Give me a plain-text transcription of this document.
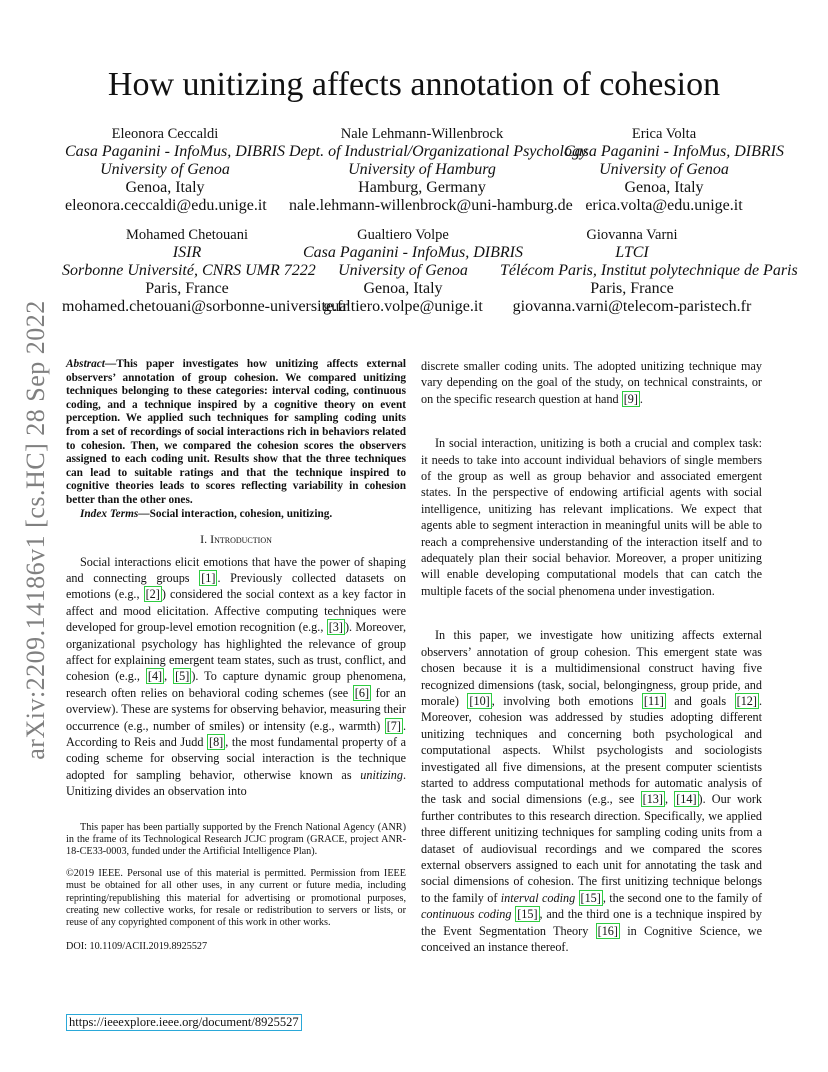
arXiv:2209.14186v1 [cs.HC] 28 Sep 2022
How unitizing affects annotation of cohesion
Eleonora Ceccaldi
Casa Paganini - InfoMus, DIBRIS
University of Genoa
Genoa, Italy
eleonora.ceccaldi@edu.unige.it
Nale Lehmann-Willenbrock
Dept. of Industrial/Organizational Psychology
University of Hamburg
Hamburg, Germany
nale.lehmann-willenbrock@uni-hamburg.de
Erica Volta
Casa Paganini - InfoMus, DIBRIS
University of Genoa
Genoa, Italy
erica.volta@edu.unige.it
Mohamed Chetouani
ISIR
Sorbonne Université, CNRS UMR 7222
Paris, France
mohamed.chetouani@sorbonne-universite.fr
Gualtiero Volpe
Casa Paganini - InfoMus, DIBRIS
University of Genoa
Genoa, Italy
gualtiero.volpe@unige.it
Giovanna Varni
LTCI
Télécom Paris, Institut polytechnique de Paris
Paris, France
giovanna.varni@telecom-paristech.fr

Abstract—This paper investigates how unitizing affects external observers’ annotation of group cohesion. We compared unitizing techniques belonging to these categories: interval coding, continuous coding, and a technique inspired by a cognitive theory on event perception. We applied such techniques for sampling coding units from a set of recordings of social interactions rich in behaviors related to cohesion. Then, we compared the cohesion scores the observers assigned to each coding unit. Results show that the three techniques can lead to suitable ratings and that the technique inspired to cognitive theories leads to scores reflecting variability in cohesion better than the other ones.

Index Terms—Social interaction, cohesion, unitizing.

I. Introduction

Social interactions elicit emotions that have the power of shaping and connecting groups [1] . Previously collected datasets on emotions (e.g., [2] ) considered the social context as a key factor in affect and mood elicitation. Affective computing techniques were developed for group-level emotion recognition (e.g., [3] ). Moreover, organizational psychology has highlighted the relevance of group affect for explaining emergent team states, such as trust, conflict, and cohesion (e.g., [4] , [5] ). To capture dynamic group phenomena, research often relies on behavioral coding schemes (see [6] for an overview). These are systems for observing behavior, measuring their occurrence (e.g., number of smiles) or intensity (e.g., warmth) [7] . According to Reis and Judd [8] , the most fundamental property of a coding scheme for observing social interaction is the technique adopted for sampling behavior, otherwise known as unitizing. Unitizing divides an observation into

This paper has been partially supported by the French National Agency (ANR) in the frame of its Technological Research JCJC program (GRACE, project ANR-18-CE33-0003, funded under the Artificial Intelligence Plan).

©2019 IEEE. Personal use of this material is permitted. Permission from IEEE must be obtained for all other uses, in any current or future media, including reprinting/republishing this material for advertising or promotional purposes, creating new collective works, for resale or redistribution to servers or lists, or reuse of any copyrighted component of this work in other works.

DOI: 10.1109/ACII.2019.8925527

discrete smaller coding units. The adopted unitizing technique may vary depending on the goal of the study, on technical constraints, or on the specific research question at hand [9] .

In social interaction, unitizing is both a crucial and complex task: it needs to take into account individual behaviors of single members of the group as well as group behavior and associated emergent states. In the perspective of endowing artificial agents with social intelligence, unitizing has relevant implications. We expect that agents able to segment interaction in meaningful units will be able to reach a comprehensive understanding of the interaction itself and to adequately plan their social behavior. Moreover, a proper unitizing will enable developing computational models that can catch the multiple facets of the social phenomena under investigation.

In this paper, we investigate how unitizing affects external observers’ annotation of group cohesion. This emergent state was chosen because it is a multidimensional construct having five recognized dimensions (task, social, belongingness, group pride, and morale) [10] , involving both emotions [11] and goals [12] . Moreover, cohesion was addressed by studies adopting different unitizing techniques and concerning both psychological and computational aspects. Whilst psychologists and sociologists investigated all five dimensions, at the present computer scientists started to address computational methods for automatic analysis of the task and social dimensions (e.g., see [13] , [14] ). Our work further contributes to this research direction. Specifically, we applied three different unitizing techniques for sampling coding units from a dataset of audiovisual recordings and we compared the scores external observers assigned to each unit for annotating the task and social dimensions of cohesion. The first unitizing technique belongs to the family of interval coding [15] , the second one to the family of continuous coding [15] , and the third one is a technique inspired by the Event Segmentation Theory [16] in Cognitive Science, we conceived an instance thereof.

https://ieeexplore.ieee.org/document/8925527
